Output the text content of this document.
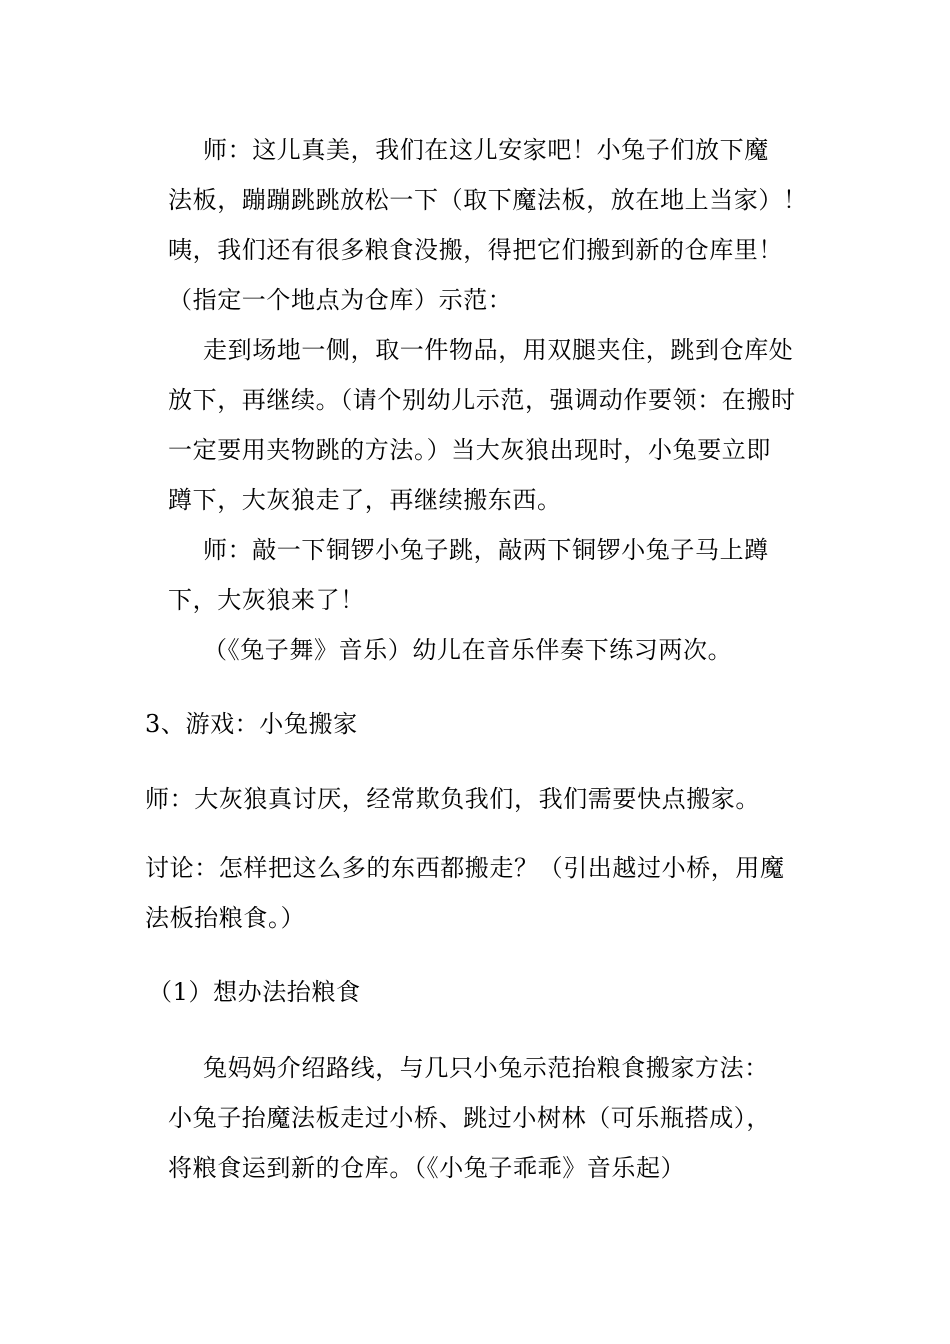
师：这儿真美，我们在这儿安家吧！小兔子们放下魔
法板，蹦蹦跳跳放松一下（取下魔法板，放在地上当家）！
咦，我们还有很多粮食没搬，得把它们搬到新的仓库里！
（指定一个地点为仓库）示范：
走到场地一侧，取一件物品，用双腿夹住，跳到仓库处
放下，再继续。（请个别幼儿示范，强调动作要领：在搬时
一定要用夹物跳的方法。）当大灰狼出现时，小兔要立即
蹲下，大灰狼走了，再继续搬东西。
师：敲一下铜锣小兔子跳，敲两下铜锣小兔子马上蹲
下，大灰狼来了！
（《兔子舞》音乐）幼儿在音乐伴奏下练习两次。
3、游戏：小兔搬家
师：大灰狼真讨厌，经常欺负我们，我们需要快点搬家。
讨论：怎样把这么多的东西都搬走？（引出越过小桥，用魔
法板抬粮食。）
（1）想办法抬粮食
兔妈妈介绍路线，与几只小兔示范抬粮食搬家方法：
小兔子抬魔法板走过小桥、跳过小树林（可乐瓶搭成），
将粮食运到新的仓库。（《小兔子乖乖》音乐起）
